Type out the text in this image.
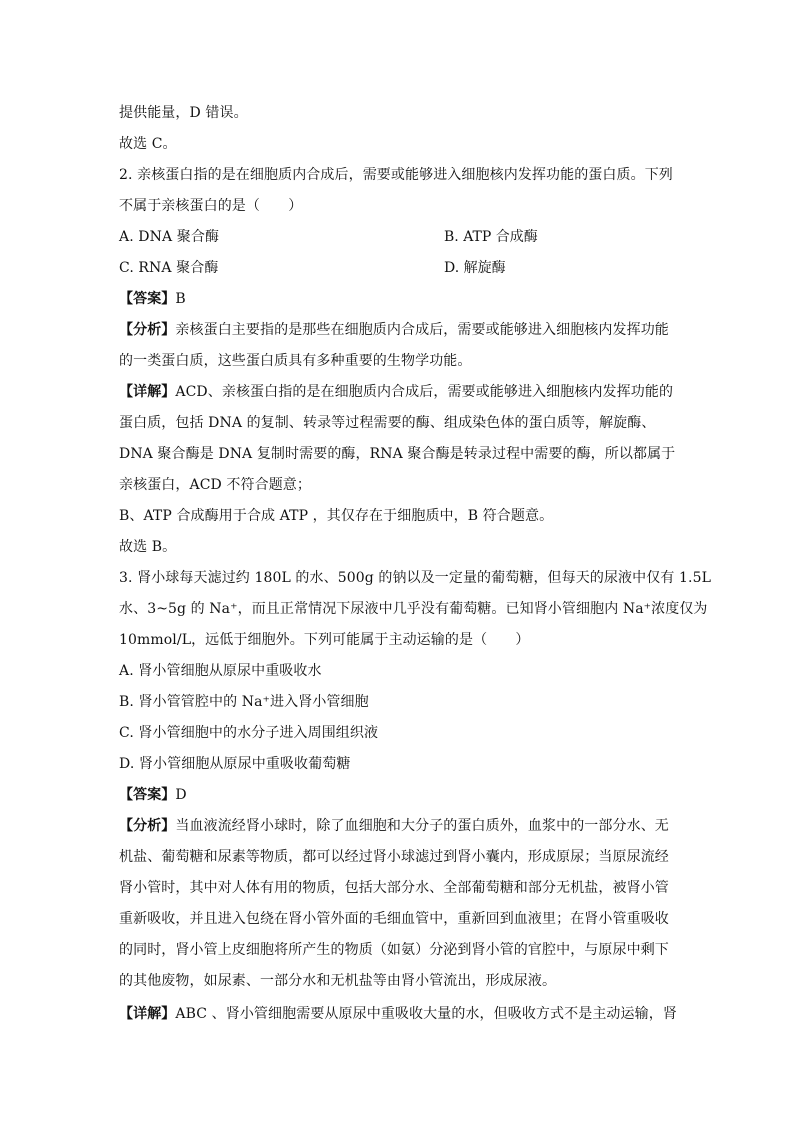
提供能量，D 错误。
故选 C。
2. 亲核蛋白指的是在细胞质内合成后，需要或能够进入细胞核内发挥功能的蛋白质。下列
不属于亲核蛋白的是（　　）
A. DNA 聚合酶	B. ATP 合成酶
C. RNA 聚合酶	D. 解旋酶
【答案】B
【分析】亲核蛋白主要指的是那些在细胞质内合成后，需要或能够进入细胞核内发挥功能
的一类蛋白质，这些蛋白质具有多种重要的生物学功能。
【详解】ACD、亲核蛋白指的是在细胞质内合成后，需要或能够进入细胞核内发挥功能的
蛋白质，包括 DNA 的复制、转录等过程需要的酶、组成染色体的蛋白质等，解旋酶、
DNA 聚合酶是 DNA 复制时需要的酶，RNA 聚合酶是转录过程中需要的酶，所以都属于
亲核蛋白，ACD 不符合题意；
B、ATP 合成酶用于合成 ATP ，其仅存在于细胞质中，B 符合题意。
故选 B。
3. 肾小球每天滤过约 180L 的水、500g 的钠以及一定量的葡萄糖，但每天的尿液中仅有 1.5L
水、3~5g 的 Na⁺，而且正常情况下尿液中几乎没有葡萄糖。已知肾小管细胞内 Na⁺浓度仅为
10mmol/L，远低于细胞外。下列可能属于主动运输的是（　　）
A. 肾小管细胞从原尿中重吸收水
B. 肾小管管腔中的 Na⁺进入肾小管细胞
C. 肾小管细胞中的水分子进入周围组织液
D. 肾小管细胞从原尿中重吸收葡萄糖
【答案】D
【分析】当血液流经肾小球时，除了血细胞和大分子的蛋白质外，血浆中的一部分水、无
机盐、葡萄糖和尿素等物质，都可以经过肾小球滤过到肾小囊内，形成原尿；当原尿流经
肾小管时，其中对人体有用的物质，包括大部分水、全部葡萄糖和部分无机盐，被肾小管
重新吸收，并且进入包绕在肾小管外面的毛细血管中，重新回到血液里；在肾小管重吸收
的同时，肾小管上皮细胞将所产生的物质（如氨）分泌到肾小管的官腔中，与原尿中剩下
的其他废物，如尿素、一部分水和无机盐等由肾小管流出，形成尿液。
【详解】ABC 、肾小管细胞需要从原尿中重吸收大量的水，但吸收方式不是主动运输，肾
